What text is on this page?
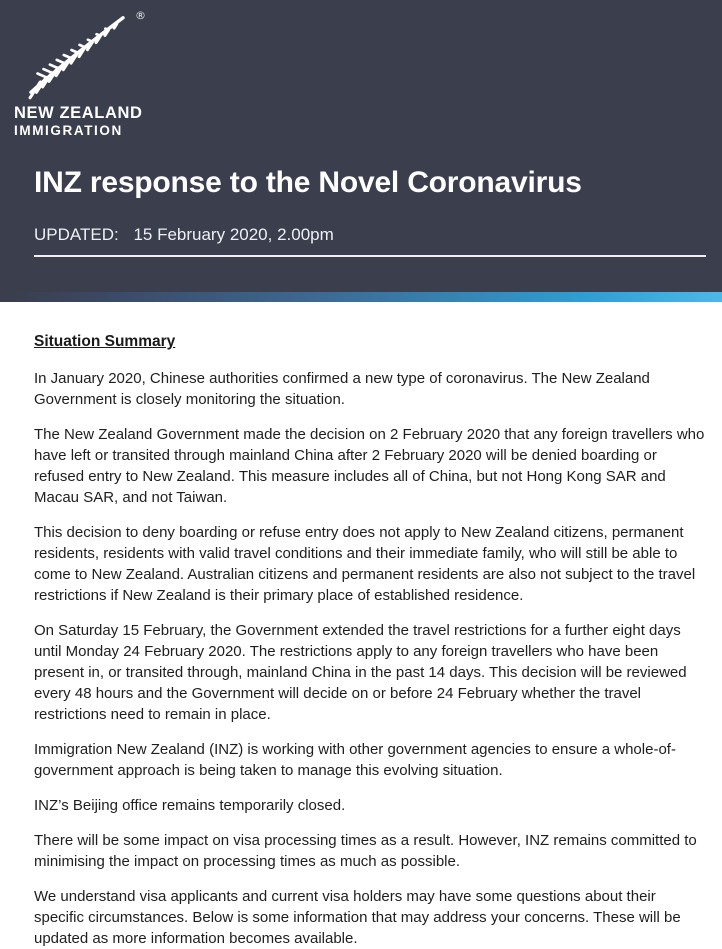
®
NEW ZEALAND
IMMIGRATION
INZ response to the Novel Coronavirus
UPDATED: 15 February 2020, 2.00pm
Situation Summary

In January 2020, Chinese authorities confirmed a new type of coronavirus. The New Zealand Government is closely monitoring the situation.

The New Zealand Government made the decision on 2 February 2020 that any foreign travellers who have left or transited through mainland China after 2 February 2020 will be denied boarding or refused entry to New Zealand. This measure includes all of China, but not Hong Kong SAR and Macau SAR, and not Taiwan.

This decision to deny boarding or refuse entry does not apply to New Zealand citizens, permanent residents, residents with valid travel conditions and their immediate family, who will still be able to come to New Zealand. Australian citizens and permanent residents are also not subject to the travel restrictions if New Zealand is their primary place of established residence.

On Saturday 15 February, the Government extended the travel restrictions for a further eight days until Monday 24 February 2020. The restrictions apply to any foreign travellers who have been present in, or transited through, mainland China in the past 14 days. This decision will be reviewed every 48 hours and the Government will decide on or before 24 February whether the travel restrictions need to remain in place.

Immigration New Zealand (INZ) is working with other government agencies to ensure a whole-of-government approach is being taken to manage this evolving situation.

INZ’s Beijing office remains temporarily closed.

There will be some impact on visa processing times as a result. However, INZ remains committed to minimising the impact on processing times as much as possible.

We understand visa applicants and current visa holders may have some questions about their specific circumstances. Below is some information that may address your concerns. These will be updated as more information becomes available.
